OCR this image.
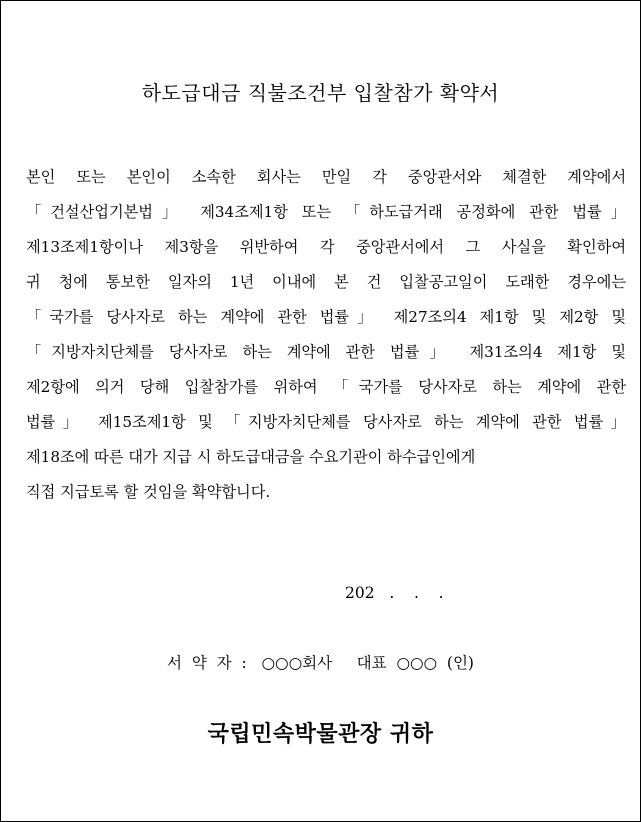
하도급대금 직불조건부 입찰참가 확약서
본인 또는 본인이 소속한 회사는 만일 각 중앙관서와 체결한 계약에서
「건설산업기본법」 제34조제1항 또는 「하도급거래 공정화에 관한 법률」
제13조제1항이나 제3항을 위반하여 각 중앙관서에서 그 사실을 확인하여
귀 청에 통보한 일자의 1년 이내에 본 건 입찰공고일이 도래한 경우에는
「국가를 당사자로 하는 계약에 관한 법률」 제27조의4 제1항 및 제2항 및
「지방자치단체를 당사자로 하는 계약에 관한 법률」 제31조의4 제1항 및
제2항에 의거 당해 입찰참가를 위하여 「국가를 당사자로 하는 계약에 관한
법률」 제15조제1항 및 「지방자치단체를 당사자로 하는 계약에 관한 법률」
제18조에 따른 대가 지급 시 하도급대금을 수요기관이 하수급인에게
직접 지급토록 할 것임을 확약합니다.
202   .    .    .
서  약  자  :   ○○○회사     대표  ○○○  (인)
국립민속박물관장 귀하
